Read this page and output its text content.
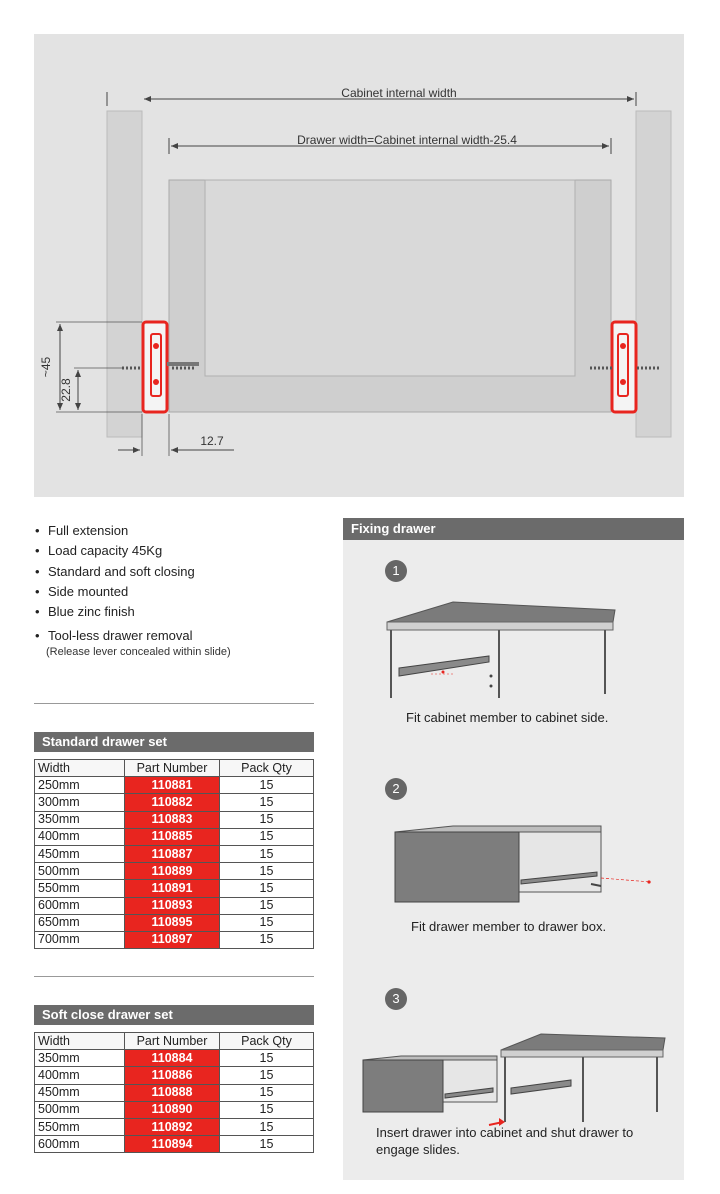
Cabinet internal width
Drawer width=Cabinet internal width-25.4
~45
22.8
12.7
• Full extension
• Load capacity 45Kg
• Standard and soft closing
• Side mounted
• Blue zinc finish
• Tool-less drawer removal
(Release lever concealed within slide)
Standard drawer set
Width	Part Number	Pack Qty
250mm	110881	15
300mm	110882	15
350mm	110883	15
400mm	110885	15
450mm	110887	15
500mm	110889	15
550mm	110891	15
600mm	110893	15
650mm	110895	15
700mm	110897	15
Soft close drawer set
Width	Part Number	Pack Qty
350mm	110884	15
400mm	110886	15
450mm	110888	15
500mm	110890	15
550mm	110892	15
600mm	110894	15
Fixing drawer
1
Fit cabinet member to cabinet side.
2
Fit drawer member to drawer box.
3
Insert drawer into cabinet and shut drawer to engage slides.
